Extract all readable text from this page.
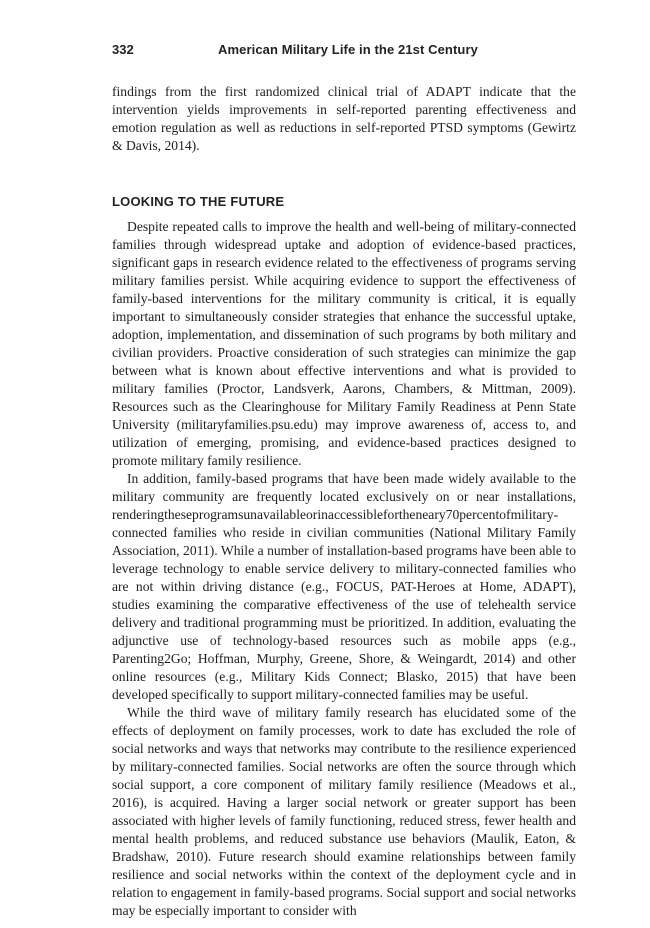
332	American Military Life in the 21st Century

findings from the first randomized clinical trial of ADAPT indicate that the intervention yields improvements in self-reported parenting effectiveness and emotion regulation as well as reductions in self-reported PTSD symptoms (Gewirtz & Davis, 2014).

LOOKING TO THE FUTURE

Despite repeated calls to improve the health and well-being of military-connected families through widespread uptake and adoption of evidence-based practices, significant gaps in research evidence related to the effectiveness of programs serving military families persist. While acquiring evidence to support the effectiveness of family-based interventions for the military community is critical, it is equally important to simultaneously consider strategies that enhance the successful uptake, adoption, implementation, and dissemination of such programs by both military and civilian providers. Proactive consideration of such strategies can minimize the gap between what is known about effective interventions and what is provided to military families (Proctor, Landsverk, Aarons, Chambers, & Mittman, 2009). Resources such as the Clearinghouse for Military Family Readiness at Penn State University (militaryfamilies.psu.edu) may improve awareness of, access to, and utilization of emerging, promising, and evidence-based practices designed to promote military family resilience.

In addition, family-based programs that have been made widely available to the military community are frequently located exclusively on or near installations, renderingtheseprogramsunavailableorinaccessiblefortheneary70percentofmilitary-connected families who reside in civilian communities (National Military Family Association, 2011). While a number of installation-based programs have been able to leverage technology to enable service delivery to military-connected families who are not within driving distance (e.g., FOCUS, PAT-Heroes at Home, ADAPT), studies examining the comparative effectiveness of the use of telehealth service delivery and traditional programming must be prioritized. In addition, evaluating the adjunctive use of technology-based resources such as mobile apps (e.g., Parenting2Go; Hoffman, Murphy, Greene, Shore, & Weingardt, 2014) and other online resources (e.g., Military Kids Connect; Blasko, 2015) that have been developed specifically to support military-connected families may be useful.

While the third wave of military family research has elucidated some of the effects of deployment on family processes, work to date has excluded the role of social networks and ways that networks may contribute to the resilience experienced by military-connected families. Social networks are often the source through which social support, a core component of military family resilience (Meadows et al., 2016), is acquired. Having a larger social network or greater support has been associated with higher levels of family functioning, reduced stress, fewer health and mental health problems, and reduced substance use behaviors (Maulik, Eaton, & Bradshaw, 2010). Future research should examine relationships between family resilience and social networks within the context of the deployment cycle and in relation to engagement in family-based programs. Social support and social networks may be especially important to consider with
